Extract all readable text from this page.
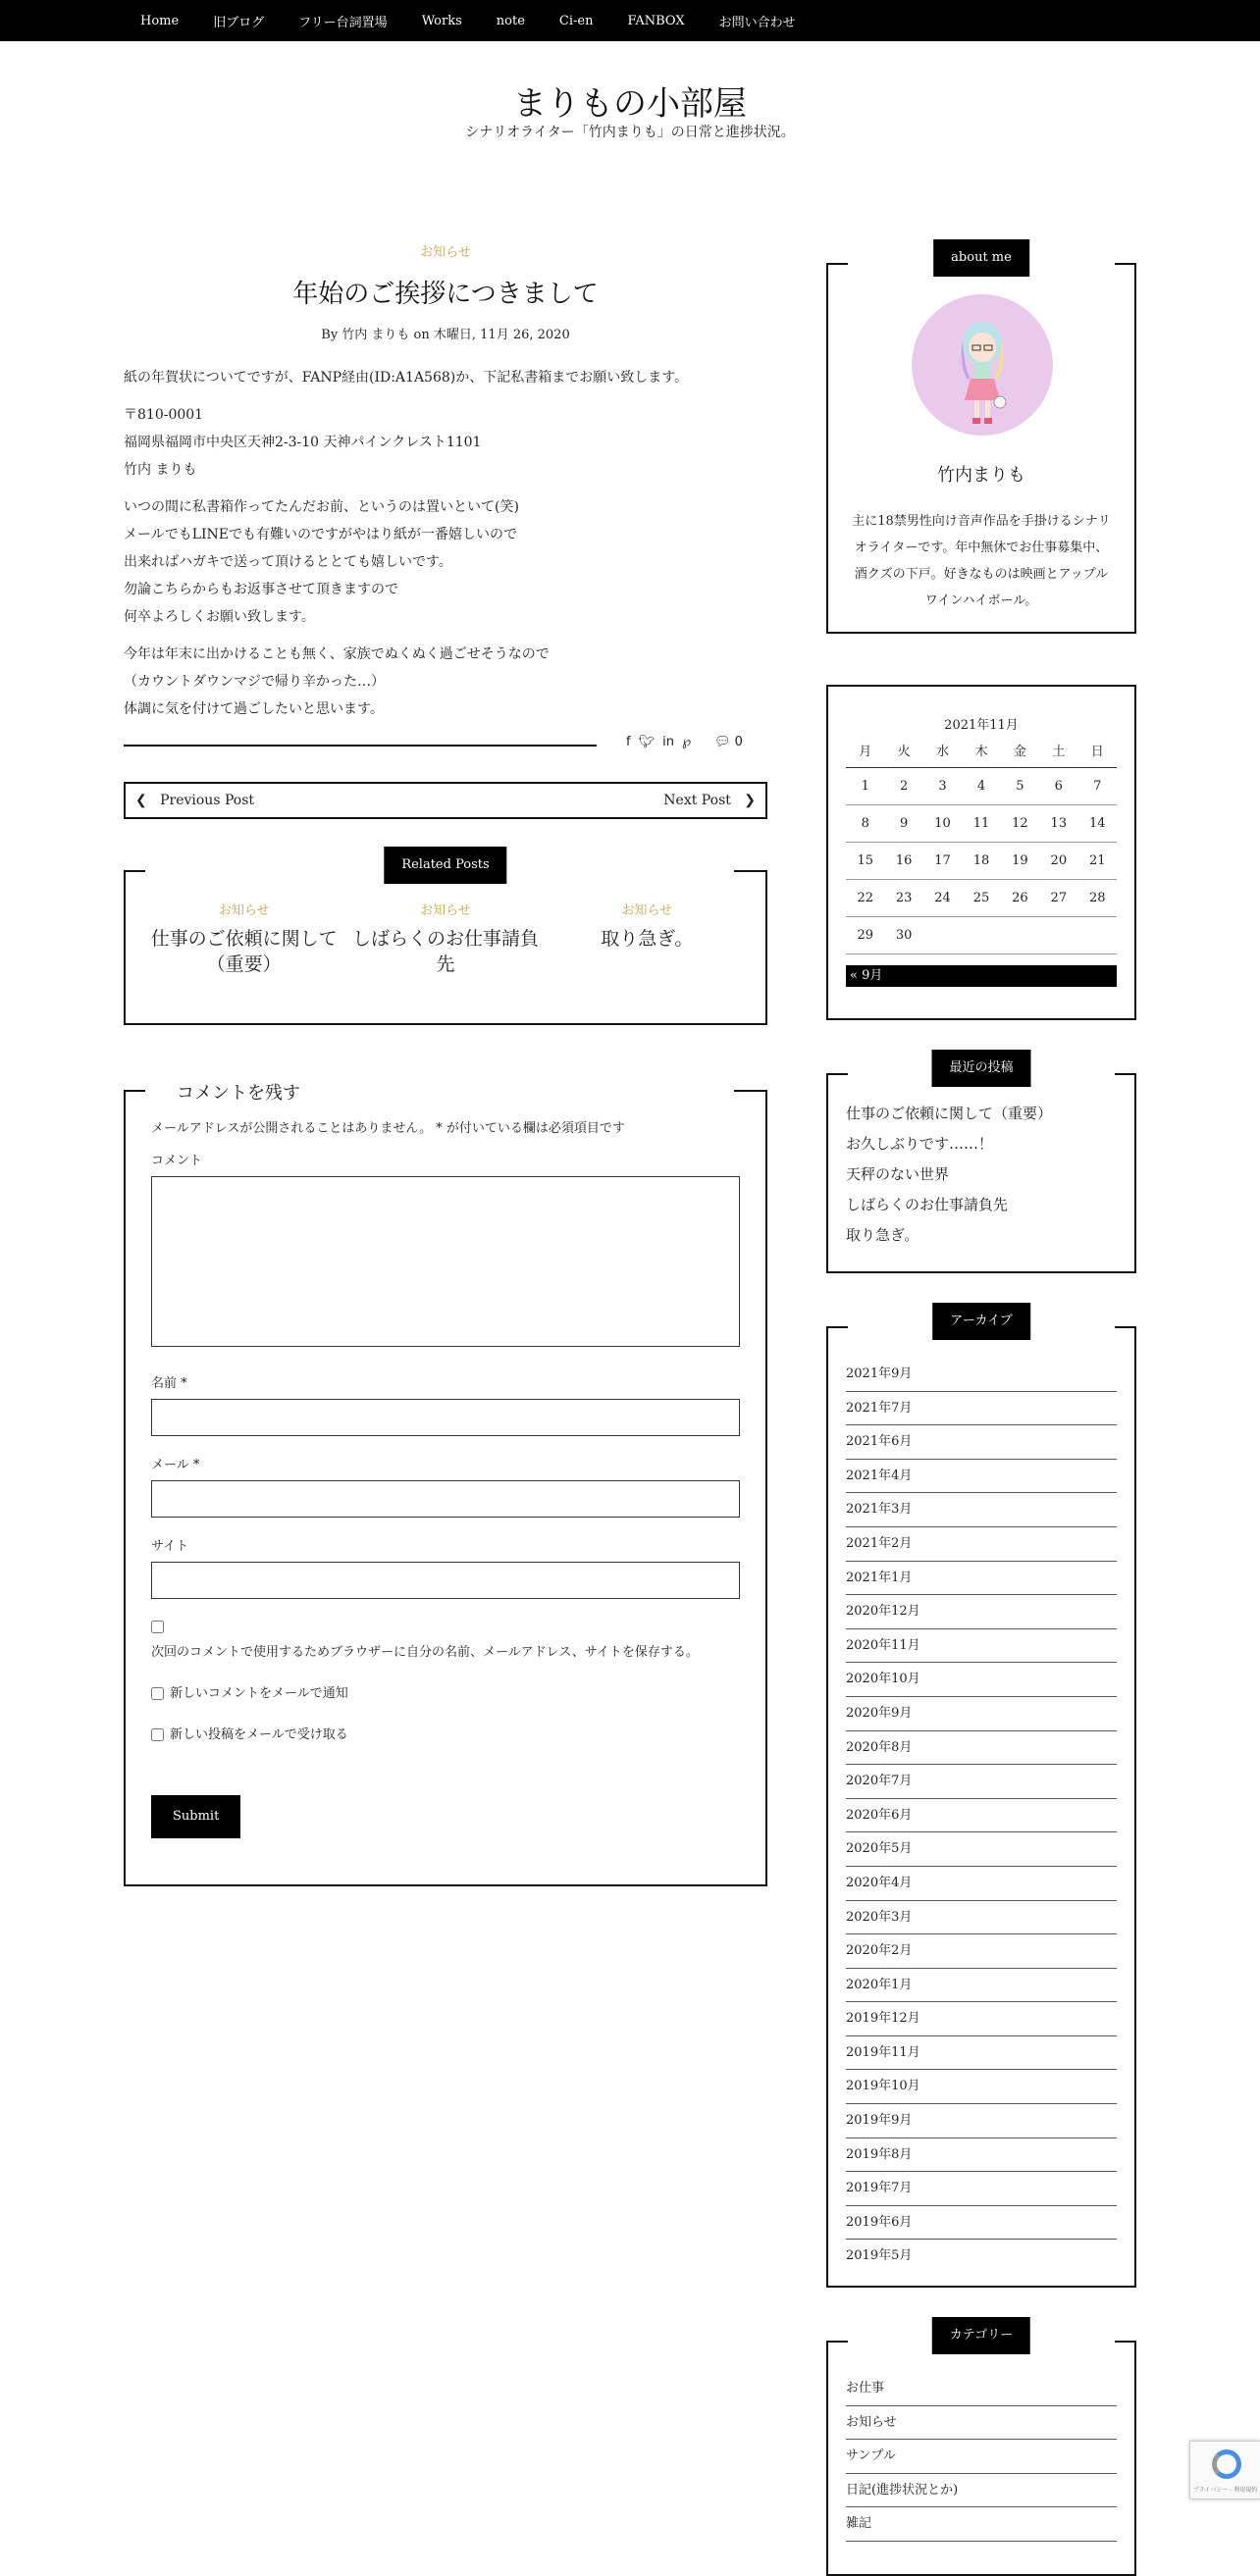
Home	旧ブログ	フリー台詞置場	Works	note	Ci-en	FANBOX	お問い合わせ
まりもの小部屋
シナリオライター「竹内まりも」の日常と進捗状況。
お知らせ
年始のご挨拶につきまして
By 竹内 まりも on 木曜日, 11月 26, 2020

紙の年賀状についてですが、FANP経由(ID:A1A568)か、下記私書箱までお願い致します。

〒810-0001
福岡県福岡市中央区天神2-3-10 天神パインクレスト1101
竹内 まりも

いつの間に私書箱作ってたんだお前、というのは置いといて(笑)
メールでもLINEでも有難いのですがやはり紙が一番嬉しいので
出来ればハガキで送って頂けるととても嬉しいです。
勿論こちらからもお返事させて頂きますので
何卒よろしくお願い致します。

今年は年末に出かけることも無く、家族でぬくぬく過ごせそうなので
（カウントダウンマジで帰り辛かった…）
体調に気を付けて過ごしたいと思います。

f 🐦︎ in ℘ 💬︎ 0
❮ Previous Post	Next Post ❯
Related Posts
お知らせ
仕事のご依頼に関して（重要）
お知らせ
しばらくのお仕事請負先
お知らせ
取り急ぎ。
コメントを残す
メールアドレスが公開されることはありません。 * が付いている欄は必須項目です
コメント
名前 *
メール *
サイト

次回のコメントで使用するためブラウザーに自分の名前、メールアドレス、サイトを保存する。
新しいコメントをメールで通知
新しい投稿をメールで受け取る
Submit
about me
竹内まりも
主に18禁男性向け音声作品を手掛けるシナリオライターです。年中無休でお仕事募集中、酒クズの下戸。好きなものは映画とアップルワインハイボール。
2021年11月
月	火	水	木	金	土	日
1	2	3	4	5	6	7
8	9	10	11	12	13	14
15	16	17	18	19	20	21
22	23	24	25	26	27	28
29	30					
« 9月
最近の投稿
仕事のご依頼に関して（重要）
お久しぶりです……！
天秤のない世界
しばらくのお仕事請負先
取り急ぎ。
アーカイブ
2021年9月
2021年7月
2021年6月
2021年4月
2021年3月
2021年2月
2021年1月
2020年12月
2020年11月
2020年10月
2020年9月
2020年8月
2020年7月
2020年6月
2020年5月
2020年4月
2020年3月
2020年2月
2020年1月
2019年12月
2019年11月
2019年10月
2019年9月
2019年8月
2019年7月
2019年6月
2019年5月
カテゴリー
お仕事
お知らせ
サンプル
日記(進捗状況とか)
雑記
プライバシー - 利用規約
